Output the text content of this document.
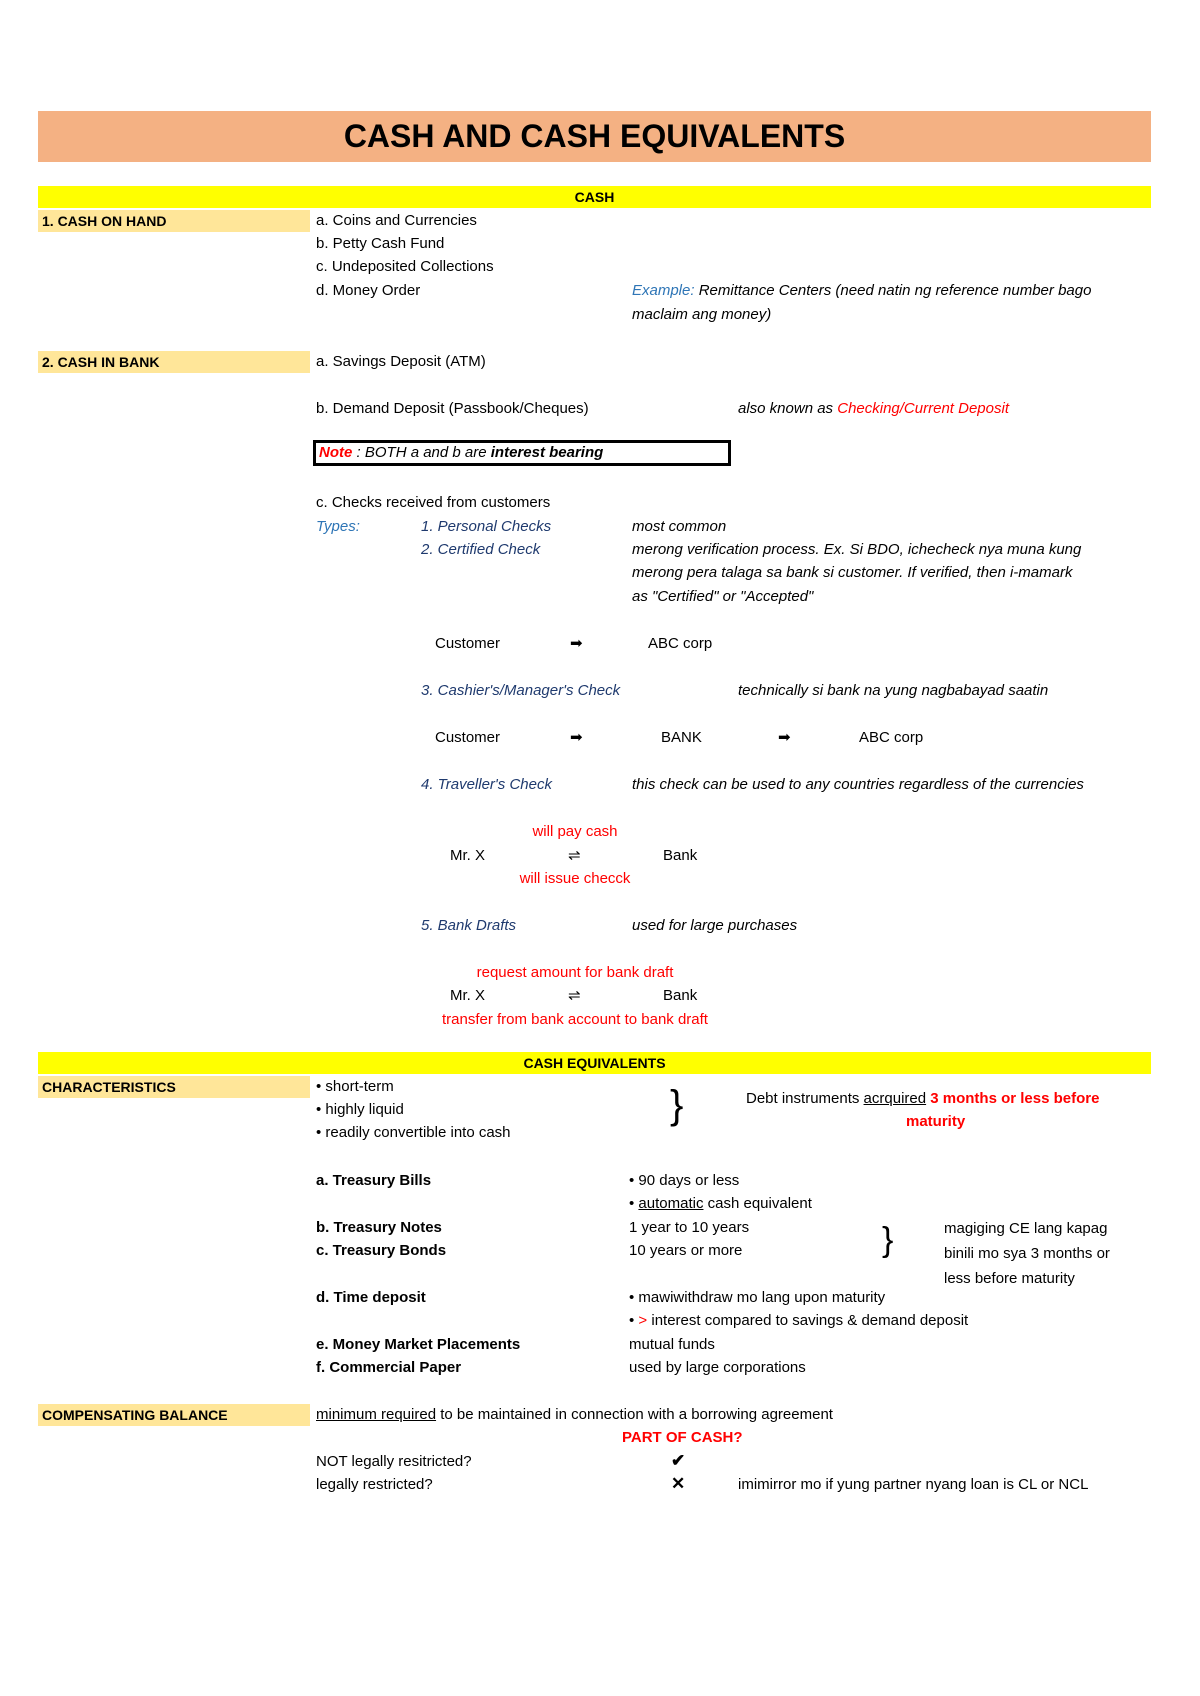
CASH AND CASH EQUIVALENTS
CASH
1. CASH ON HAND	a. Coins and Currencies
b. Petty Cash Fund
c. Undeposited Collections
d. Money Order	Example: Remittance Centers (need natin ng reference number bago
maclaim ang money)
2. CASH IN BANK	a. Savings Deposit (ATM)
b. Demand Deposit (Passbook/Cheques)	also known as Checking/Current Deposit
Note : BOTH a and b are interest bearing
c. Checks received from customers
Types:	1. Personal Checks	most common
2. Certified Check	merong verification process. Ex. Si BDO, ichecheck nya muna kung
merong pera talaga sa bank si customer. If verified, then i-mamark
as "Certified" or "Accepted"
Customer	➡	ABC corp
3. Cashier's/Manager's Check	technically si bank na yung nagbabayad saatin
Customer	➡	BANK	➡	ABC corp
4. Traveller's Check	this check can be used to any countries regardless of the currencies
will pay cash
Mr. X	⇌	Bank
will issue checck
5. Bank Drafts	used for large purchases
request amount for bank draft
Mr. X	⇌	Bank
transfer from bank account to bank draft
CASH EQUIVALENTS
CHARACTERISTICS	• short-term
• highly liquid
• readily convertible into cash
}	Debt instruments acrquired 3 months or less before
maturity
a. Treasury Bills	• 90 days or less
• automatic cash equivalent
b. Treasury Notes	1 year to 10 years
c. Treasury Bonds	10 years or more	}	magiging CE lang kapag
binili mo sya 3 months or
less before maturity
d. Time deposit	• mawiwithdraw mo lang upon maturity
• > interest compared to savings & demand deposit
e. Money Market Placements	mutual funds
f. Commercial Paper	used by large corporations
COMPENSATING BALANCE	minimum required to be maintained in connection with a borrowing agreement
PART OF CASH?
NOT legally resitricted?	✔
legally restricted?	✕	imimirror mo if yung partner nyang loan is CL or NCL
